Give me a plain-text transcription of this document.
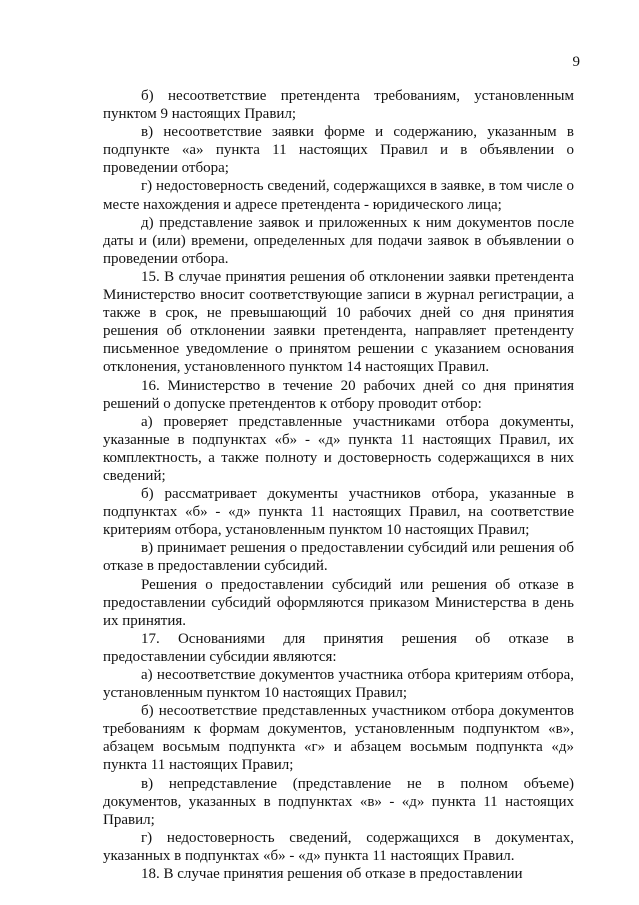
9

б) несоответствие претендента требованиям, установленным пунктом 9 настоящих Правил;

в) несоответствие заявки форме и содержанию, указанным в подпункте «а» пункта 11 настоящих Правил и в объявлении о проведении отбора;

г) недостоверность сведений, содержащихся в заявке, в том числе о месте нахождения и адресе претендента - юридического лица;

д) представление заявок и приложенных к ним документов после даты и (или) времени, определенных для подачи заявок в объявлении о проведении отбора.

15. В случае принятия решения об отклонении заявки претендента Министерство вносит соответствующие записи в журнал регистрации, а также в срок, не превышающий 10 рабочих дней со дня принятия решения об отклонении заявки претендента, направляет претенденту письменное уведомление о принятом решении с указанием основания отклонения, установленного пунктом 14 настоящих Правил.

16. Министерство в течение 20 рабочих дней со дня принятия решений о допуске претендентов к отбору проводит отбор:

а) проверяет представленные участниками отбора документы, указанные в подпунктах «б» - «д» пункта 11 настоящих Правил, их комплектность, а также полноту и достоверность содержащихся в них сведений;

б) рассматривает документы участников отбора, указанные в подпунктах «б» - «д» пункта 11 настоящих Правил, на соответствие критериям отбора, установленным пунктом 10 настоящих Правил;

в) принимает решения о предоставлении субсидий или решения об отказе в предоставлении субсидий.

Решения о предоставлении субсидий или решения об отказе в предоставлении субсидий оформляются приказом Министерства в день их принятия.

17. Основаниями для принятия решения об отказе в предоставлении субсидии являются:

а) несоответствие документов участника отбора критериям отбора, установленным пунктом 10 настоящих Правил;

б) несоответствие представленных участником отбора документов требованиям к формам документов, установленным подпунктом «в», абзацем восьмым подпункта «г» и абзацем восьмым подпункта «д» пункта 11 настоящих Правил;

в) непредставление (представление не в полном объеме) документов, указанных в подпунктах «в» - «д» пункта 11 настоящих Правил;

г) недостоверность сведений, содержащихся в документах, указанных в подпунктах «б» - «д» пункта 11 настоящих Правил.

18. В случае принятия решения об отказе в предоставлении
